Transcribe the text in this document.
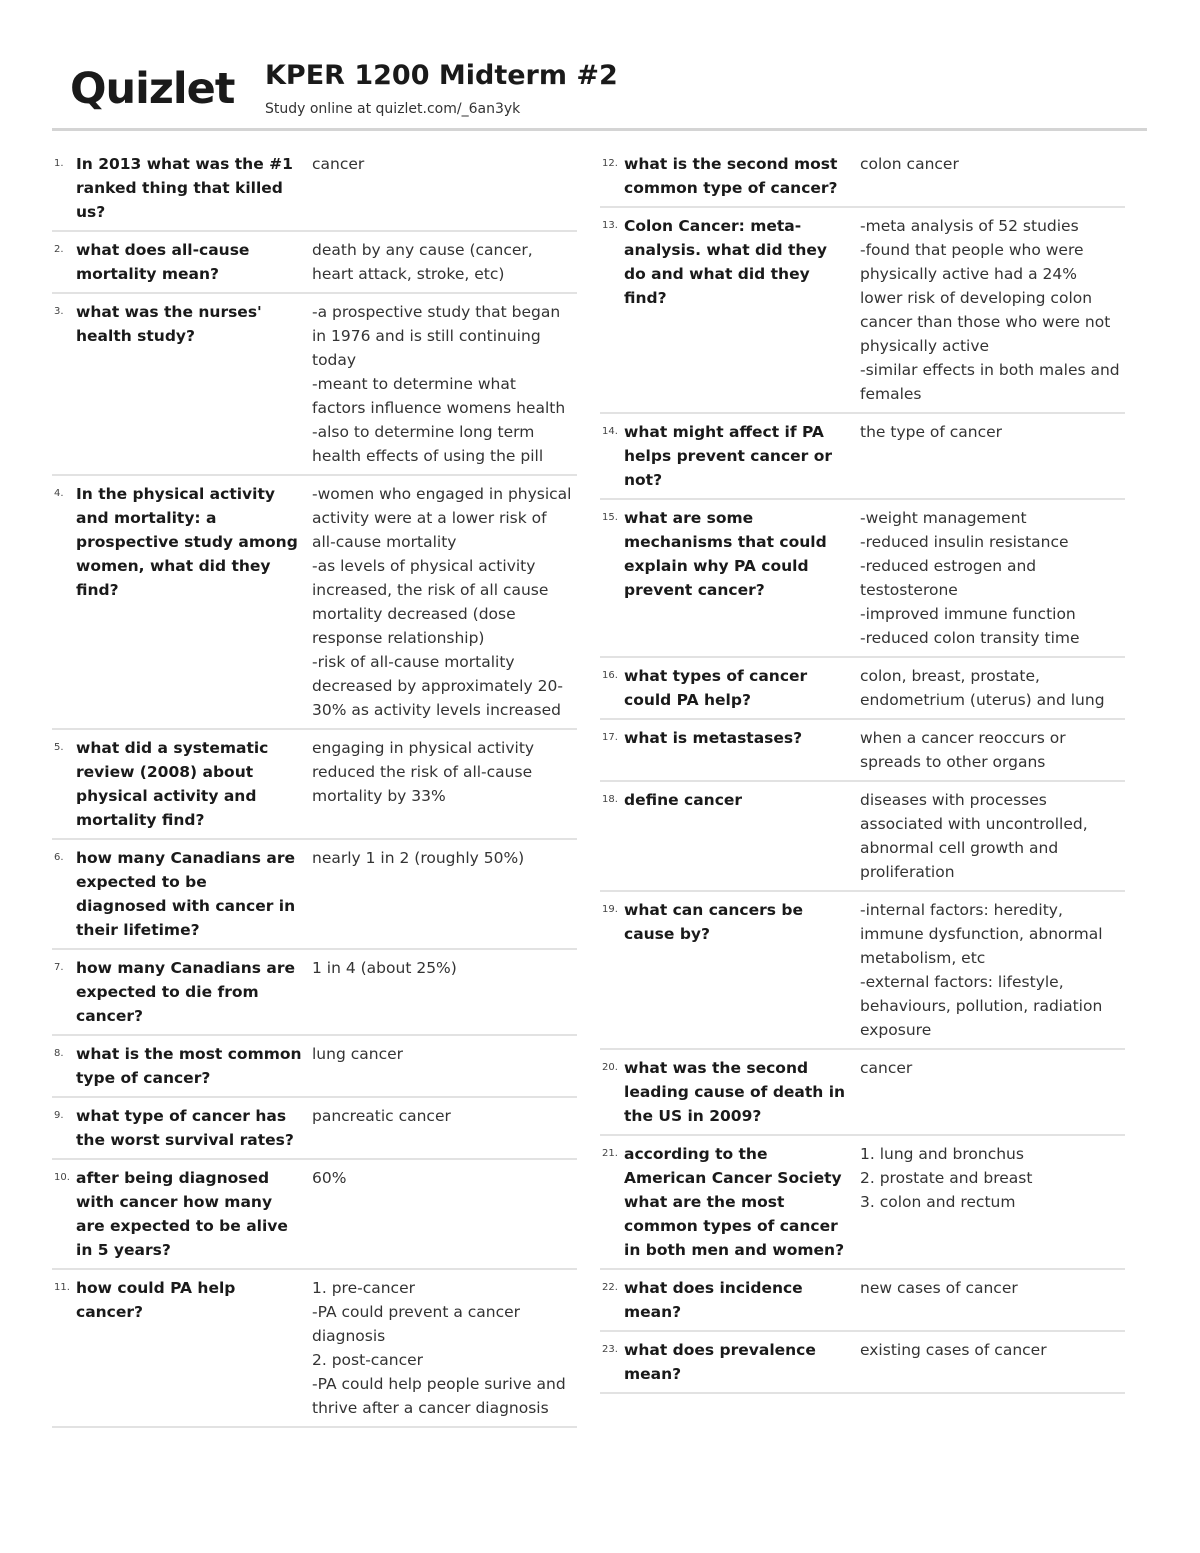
Quizlet KPER 1200 Midterm #2
Study online at quizlet.com/_6an3yk
1. In 2013 what was the #1 ranked thing that killed us?
cancer
2. what does all-cause mortality mean?
death by any cause (cancer, heart attack, stroke, etc)
3. what was the nurses' health study?
-a prospective study that began in 1976 and is still continuing today
-meant to determine what factors influence womens health
-also to determine long term health effects of using the pill
4. In the physical activity and mortality: a prospective study among women, what did they find?
-women who engaged in physical activity were at a lower risk of all-cause mortality
-as levels of physical activity increased, the risk of all cause mortality decreased (dose response relationship)
-risk of all-cause mortality decreased by approximately 20-30% as activity levels increased
5. what did a systematic review (2008) about physical activity and mortality find?
engaging in physical activity reduced the risk of all-cause mortality by 33%
6. how many Canadians are expected to be diagnosed with cancer in their lifetime?
nearly 1 in 2 (roughly 50%)
7. how many Canadians are expected to die from cancer?
1 in 4 (about 25%)
8. what is the most common type of cancer?
lung cancer
9. what type of cancer has the worst survival rates?
pancreatic cancer
10. after being diagnosed with cancer how many are expected to be alive in 5 years?
60%
11. how could PA help cancer?
1. pre-cancer
-PA could prevent a cancer diagnosis
2. post-cancer
-PA could help people surive and thrive after a cancer diagnosis
12. what is the second most common type of cancer?
colon cancer
13. Colon Cancer: meta-analysis. what did they do and what did they find?
-meta analysis of 52 studies
-found that people who were physically active had a 24% lower risk of developing colon cancer than those who were not physically active
-similar effects in both males and females
14. what might affect if PA helps prevent cancer or not?
the type of cancer
15. what are some mechanisms that could explain why PA could prevent cancer?
-weight management
-reduced insulin resistance
-reduced estrogen and testosterone
-improved immune function
-reduced colon transity time
16. what types of cancer could PA help?
colon, breast, prostate, endometrium (uterus) and lung
17. what is metastases?	when a cancer reoccurs or spreads to other organs
18. define cancer	diseases with processes associated with uncontrolled, abnormal cell growth and proliferation
19. what can cancers be cause by?
-internal factors: heredity, immune dysfunction, abnormal metabolism, etc
-external factors: lifestyle, behaviours, pollution, radiation exposure
20. what was the second leading cause of death in the US in 2009?
cancer
21. according to the American Cancer Society what are the most common types of cancer in both men and women?
1. lung and bronchus
2. prostate and breast
3. colon and rectum
22. what does incidence mean?
new cases of cancer
23. what does prevalence mean?
existing cases of cancer
